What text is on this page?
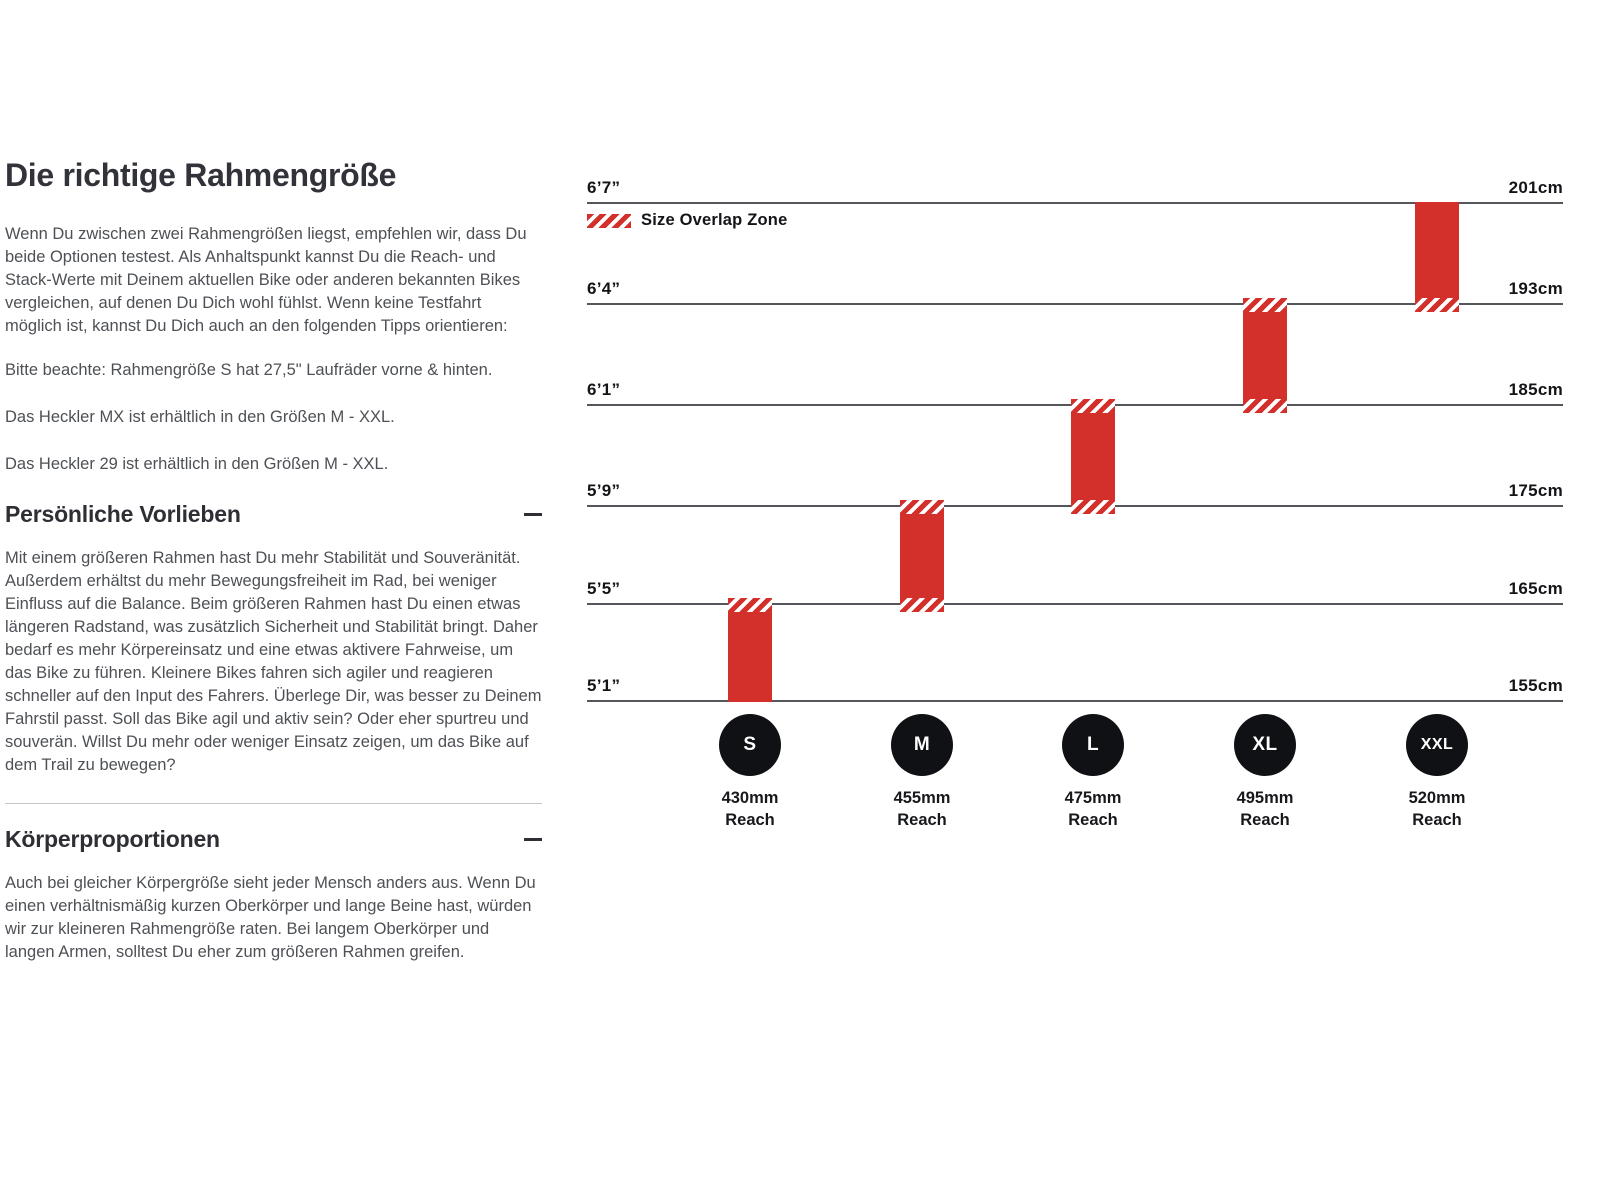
Die richtige Rahmengröße

Wenn Du zwischen zwei Rahmengrößen liegst, empfehlen wir, dass Du beide Optionen testest. Als Anhaltspunkt kannst Du die Reach- und Stack-Werte mit Deinem aktuellen Bike oder anderen bekannten Bikes vergleichen, auf denen Du Dich wohl fühlst. Wenn keine Testfahrt möglich ist, kannst Du Dich auch an den folgenden Tipps orientieren:

Bitte beachte: Rahmengröße S hat 27,5" Laufräder vorne & hinten.

Das Heckler MX ist erhältlich in den Größen M - XXL.

Das Heckler 29 ist erhältlich in den Größen M - XXL.

Persönliche Vorlieben

Mit einem größeren Rahmen hast Du mehr Stabilität und Souveränität. Außerdem erhältst du mehr Bewegungsfreiheit im Rad, bei weniger Einfluss auf die Balance. Beim größeren Rahmen hast Du einen etwas längeren Radstand, was zusätzlich Sicherheit und Stabilität bringt. Daher bedarf es mehr Körpereinsatz und eine etwas aktivere Fahrweise, um das Bike zu führen. Kleinere Bikes fahren sich agiler und reagieren schneller auf den Input des Fahrers. Überlege Dir, was besser zu Deinem Fahrstil passt. Soll das Bike agil und aktiv sein? Oder eher spurtreu und souverän. Willst Du mehr oder weniger Einsatz zeigen, um das Bike auf dem Trail zu bewegen?

Körperproportionen

Auch bei gleicher Körpergröße sieht jeder Mensch anders aus. Wenn Du einen verhältnismäßig kurzen Oberkörper und lange Beine hast, würden wir zur kleineren Rahmengröße raten. Bei langem Oberkörper und langen Armen, solltest Du eher zum größeren Rahmen greifen.

Size Overlap Zone
6’7”	201cm
6’4”	193cm
6’1”	185cm
5’9”	175cm
5’5”	165cm
5’1”	155cm
S
430mm
Reach
M
455mm
Reach
L
475mm
Reach
XL
495mm
Reach
XXL
520mm
Reach
